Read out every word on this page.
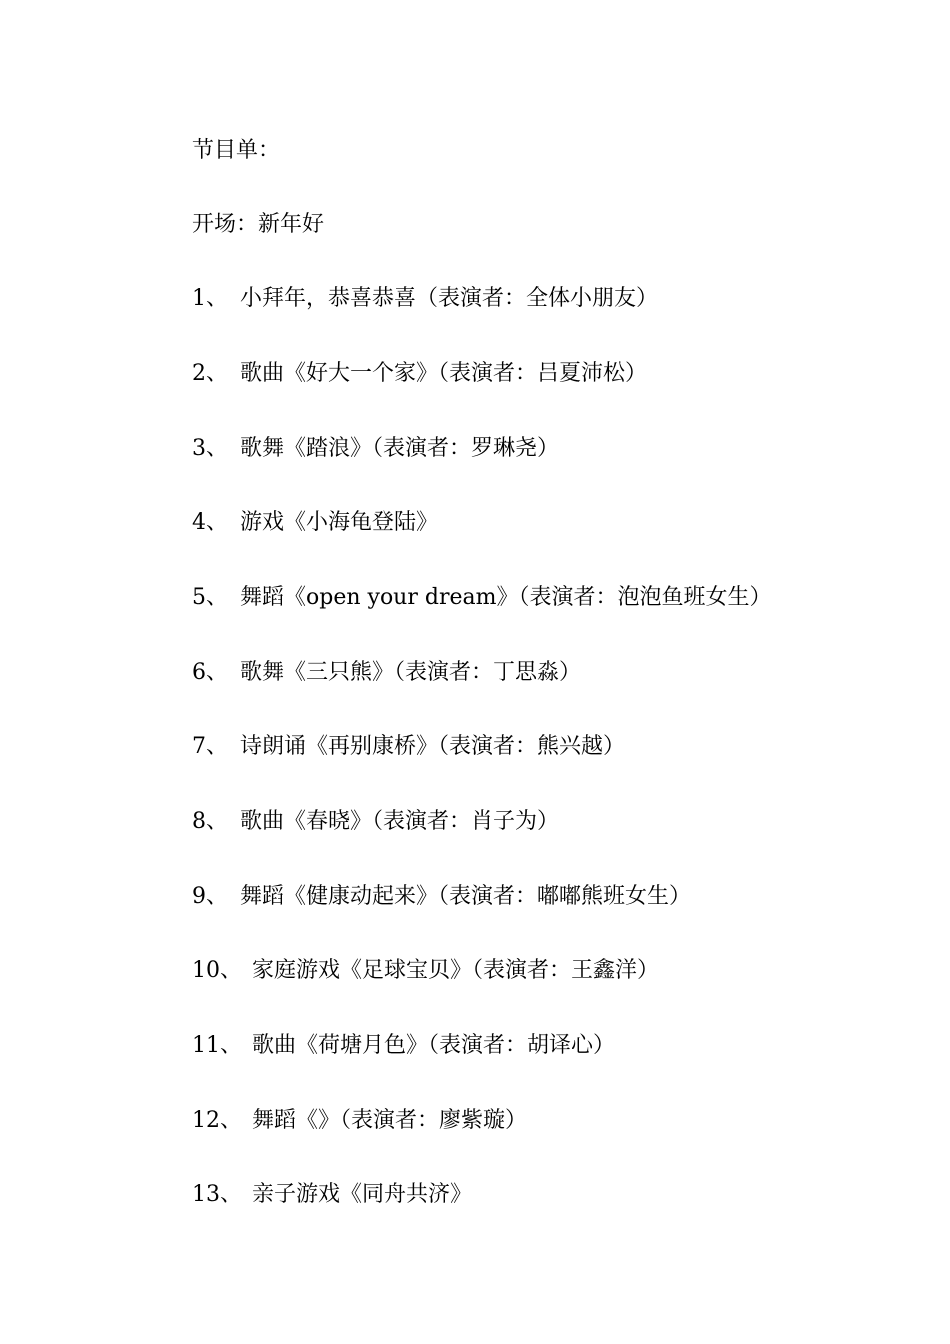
节目单：
开场：新年好
1、 小拜年，恭喜恭喜（表演者：全体小朋友）
2、 歌曲《好大一个家》（表演者：吕夏沛松）
3、 歌舞《踏浪》（表演者：罗琳尧）
4、 游戏《小海龟登陆》
5、 舞蹈《open your dream》（表演者：泡泡鱼班女生）
6、 歌舞《三只熊》（表演者：丁思淼）
7、 诗朗诵《再别康桥》（表演者：熊兴越）
8、 歌曲《春晓》（表演者：肖子为）
9、 舞蹈《健康动起来》（表演者：嘟嘟熊班女生）
10、 家庭游戏《足球宝贝》（表演者：王鑫洋）
11、 歌曲《荷塘月色》（表演者：胡译心）
12、 舞蹈《》（表演者：廖紫璇）
13、 亲子游戏《同舟共济》
